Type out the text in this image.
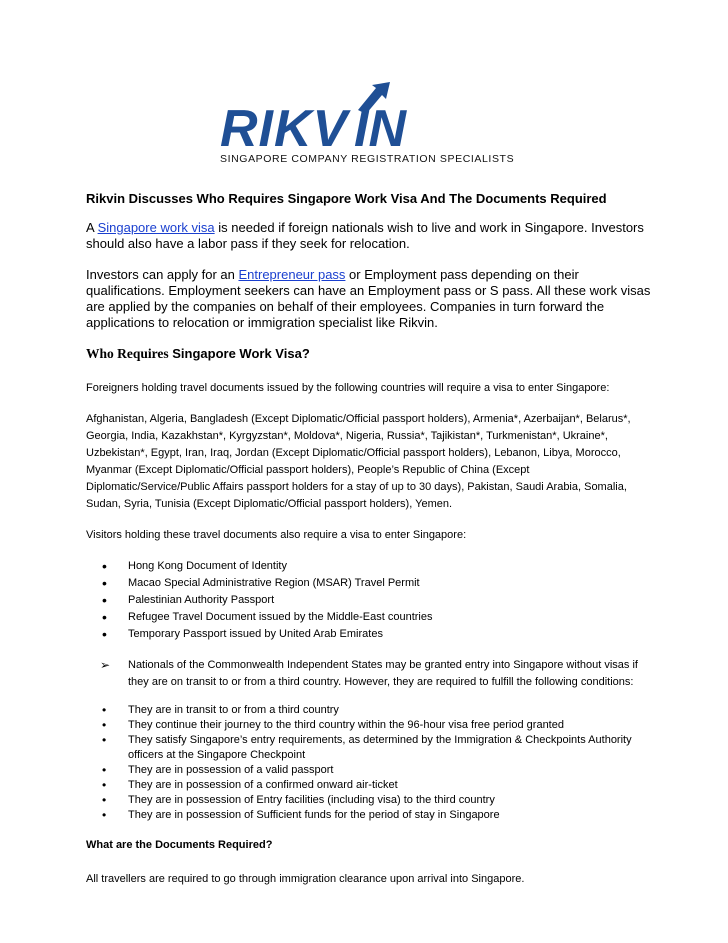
RIKV IN
SINGAPORE COMPANY REGISTRATION SPECIALISTS
Rikvin Discusses Who Requires Singapore Work Visa And The Documents Required

A Singapore work visa is needed if foreign nationals wish to live and work in Singapore. Investors should also have a labor pass if they seek for relocation.

Investors can apply for an Entrepreneur pass or Employment pass depending on their qualifications. Employment seekers can have an Employment pass or S pass. All these work visas are applied by the companies on behalf of their employees. Companies in turn forward the applications to relocation or immigration specialist like Rikvin.

Who Requires Singapore Work Visa?

Foreigners holding travel documents issued by the following countries will require a visa to enter Singapore:

Afghanistan, Algeria, Bangladesh (Except Diplomatic/Official passport holders), Armenia*, Azerbaijan*, Belarus*, Georgia, India, Kazakhstan*, Kyrgyzstan*, Moldova*, Nigeria, Russia*, Tajikistan*, Turkmenistan*, Ukraine*, Uzbekistan*, Egypt, Iran, Iraq, Jordan (Except Diplomatic/Official passport holders), Lebanon, Libya, Morocco, Myanmar (Except Diplomatic/Official passport holders), People’s Republic of China (Except Diplomatic/Service/Public Affairs passport holders for a stay of up to 30 days), Pakistan, Saudi Arabia, Somalia, Sudan, Syria, Tunisia (Except Diplomatic/Official passport holders), Yemen.

Visitors holding these travel documents also require a visa to enter Singapore:

• Hong Kong Document of Identity
• Macao Special Administrative Region (MSAR) Travel Permit
• Palestinian Authority Passport
• Refugee Travel Document issued by the Middle-East countries
• Temporary Passport issued by United Arab Emirates
➢ Nationals of the Commonwealth Independent States may be granted entry into Singapore without visas if they are on transit to or from a third country. However, they are required to fulfill the following conditions:
• They are in transit to or from a third country
• They continue their journey to the third country within the 96-hour visa free period granted
• They satisfy Singapore’s entry requirements, as determined by the Immigration & Checkpoints Authority officers at the Singapore Checkpoint
• They are in possession of a valid passport
• They are in possession of a confirmed onward air-ticket
• They are in possession of Entry facilities (including visa) to the third country
• They are in possession of Sufficient funds for the period of stay in Singapore
What are the Documents Required?

All travellers are required to go through immigration clearance upon arrival into Singapore.
